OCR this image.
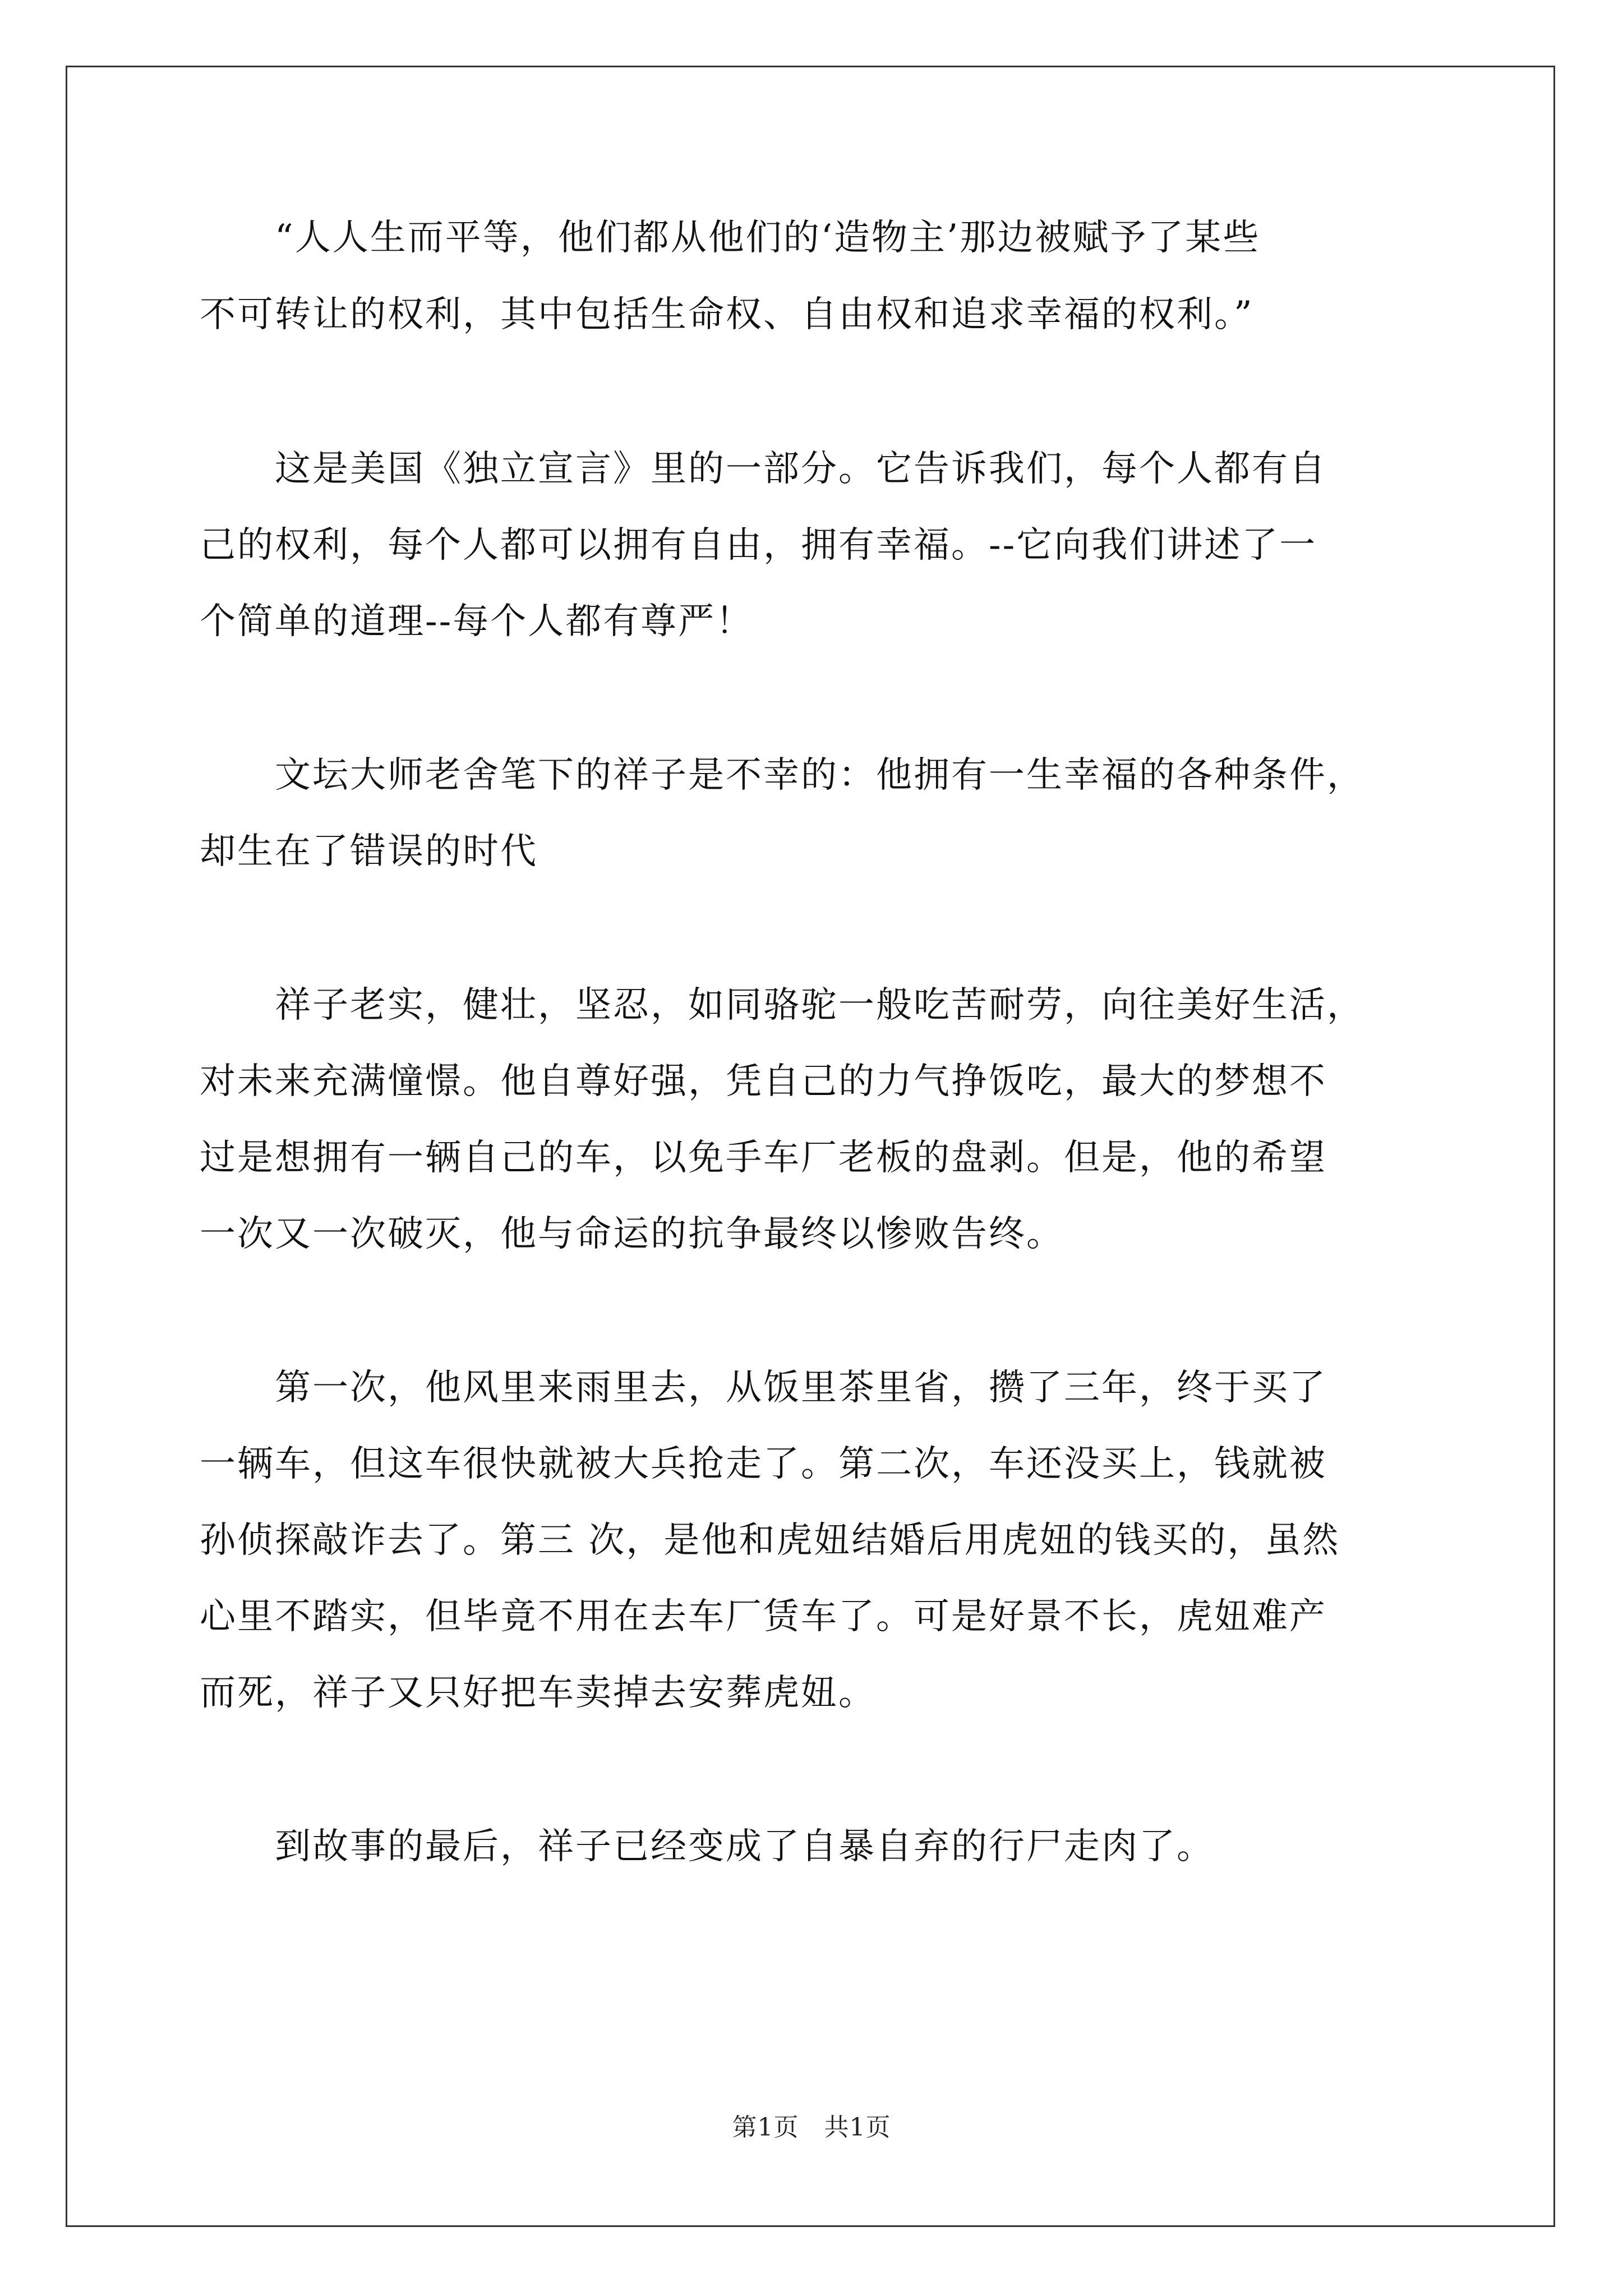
　　“人人生而平等，他们都从他们的‘造物主’那边被赋予了某些

不可转让的权利，其中包括生命权、自由权和追求幸福的权利。”

　　这是美国《独立宣言》里的一部分。它告诉我们，每个人都有自

己的权利，每个人都可以拥有自由，拥有幸福。--它向我们讲述了一

个简单的道理--每个人都有尊严！

　　文坛大师老舍笔下的祥子是不幸的：他拥有一生幸福的各种条件，

却生在了错误的时代

　　祥子老实，健壮，坚忍，如同骆驼一般吃苦耐劳，向往美好生活，

对未来充满憧憬。他自尊好强，凭自己的力气挣饭吃，最大的梦想不

过是想拥有一辆自己的车，以免手车厂老板的盘剥。但是，他的希望

一次又一次破灭，他与命运的抗争最终以惨败告终。

　　第一次，他风里来雨里去，从饭里茶里省，攒了三年，终于买了

一辆车，但这车很快就被大兵抢走了。第二次，车还没买上，钱就被

孙侦探敲诈去了。第三 次，是他和虎妞结婚后用虎妞的钱买的，虽然

心里不踏实，但毕竟不用在去车厂赁车了。可是好景不长，虎妞难产

而死，祥子又只好把车卖掉去安葬虎妞。

　　到故事的最后，祥子已经变成了自暴自弃的行尸走肉了。

第1页　共1页
